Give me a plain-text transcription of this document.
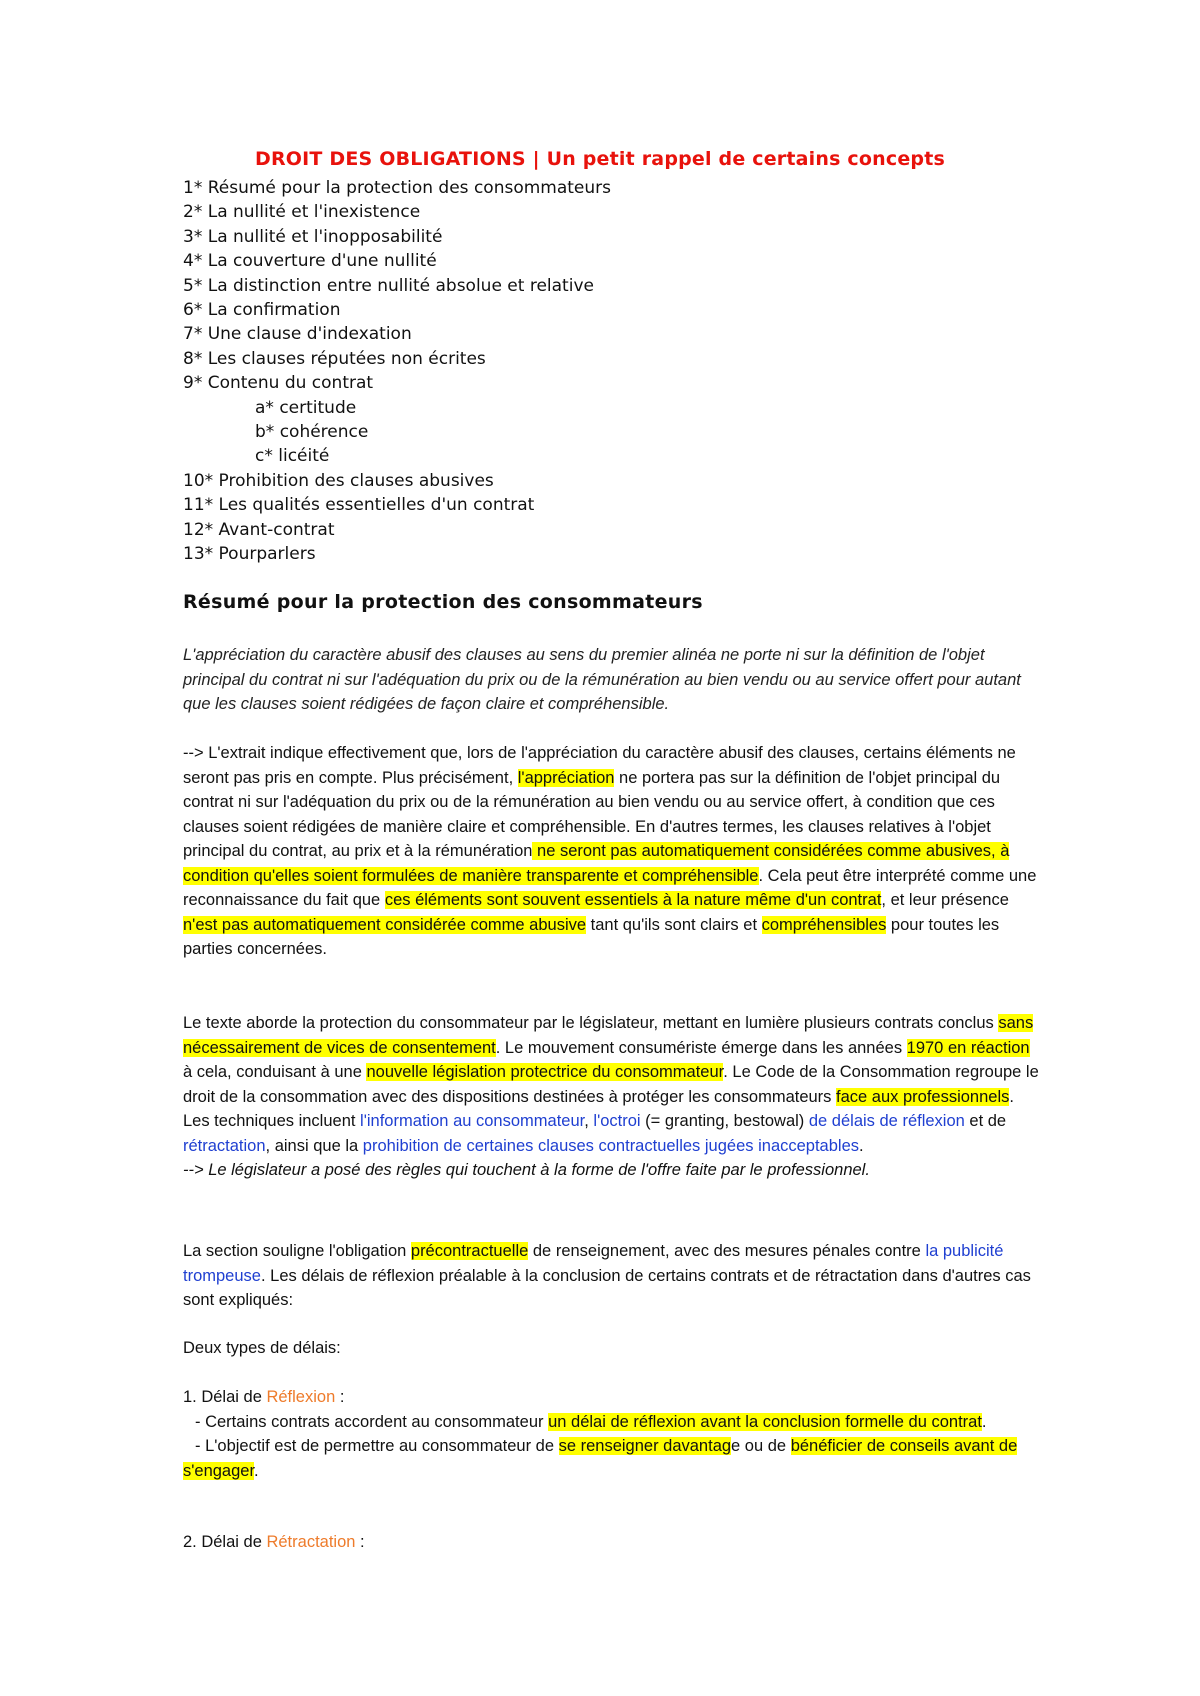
DROIT DES OBLIGATIONS | Un petit rappel de certains concepts
1* Résumé pour la protection des consommateurs
2* La nullité et l'inexistence
3* La nullité et l'inopposabilité
4* La couverture d'une nullité
5* La distinction entre nullité absolue et relative
6* La confirmation
7* Une clause d'indexation
8* Les clauses réputées non écrites
9* Contenu du contrat
a* certitude
b* cohérence
c* licéité
10* Prohibition des clauses abusives
11* Les qualités essentielles d'un contrat
12* Avant-contrat
13* Pourparlers
Résumé pour la protection des consommateurs
L'appréciation du caractère abusif des clauses au sens du premier alinéa ne porte ni sur la définition de l'objet principal du contrat ni sur l'adéquation du prix ou de la rémunération au bien vendu ou au service offert pour autant que les clauses soient rédigées de façon claire et compréhensible.
--> L'extrait indique effectivement que, lors de l'appréciation du caractère abusif des clauses, certains éléments ne seront pas pris en compte. Plus précisément, l'appréciation ne portera pas sur la définition de l'objet principal du contrat ni sur l'adéquation du prix ou de la rémunération au bien vendu ou au service offert, à condition que ces clauses soient rédigées de manière claire et compréhensible. En d'autres termes, les clauses relatives à l'objet principal du contrat, au prix et à la rémunération ne seront pas automatiquement considérées comme abusives, à condition qu'elles soient formulées de manière transparente et compréhensible. Cela peut être interprété comme une reconnaissance du fait que ces éléments sont souvent essentiels à la nature même d'un contrat, et leur présence n'est pas automatiquement considérée comme abusive tant qu'ils sont clairs et compréhensibles pour toutes les parties concernées.
Le texte aborde la protection du consommateur par le législateur, mettant en lumière plusieurs contrats conclus sans nécessairement de vices de consentement. Le mouvement consumériste émerge dans les années 1970 en réaction à cela, conduisant à une nouvelle législation protectrice du consommateur. Le Code de la Consommation regroupe le droit de la consommation avec des dispositions destinées à protéger les consommateurs face aux professionnels. Les techniques incluent l'information au consommateur, l'octroi (= granting, bestowal) de délais de réflexion et de rétractation, ainsi que la prohibition de certaines clauses contractuelles jugées inacceptables.
--> Le législateur a posé des règles qui touchent à la forme de l'offre faite par le professionnel.
La section souligne l'obligation précontractuelle de renseignement, avec des mesures pénales contre la publicité trompeuse. Les délais de réflexion préalable à la conclusion de certains contrats et de rétractation dans d'autres cas sont expliqués:
Deux types de délais:
1. Délai de Réflexion :
- Certains contrats accordent au consommateur un délai de réflexion avant la conclusion formelle du contrat.
- L'objectif est de permettre au consommateur de se renseigner davantage ou de bénéficier de conseils avant de s'engager.
2. Délai de Rétractation :
